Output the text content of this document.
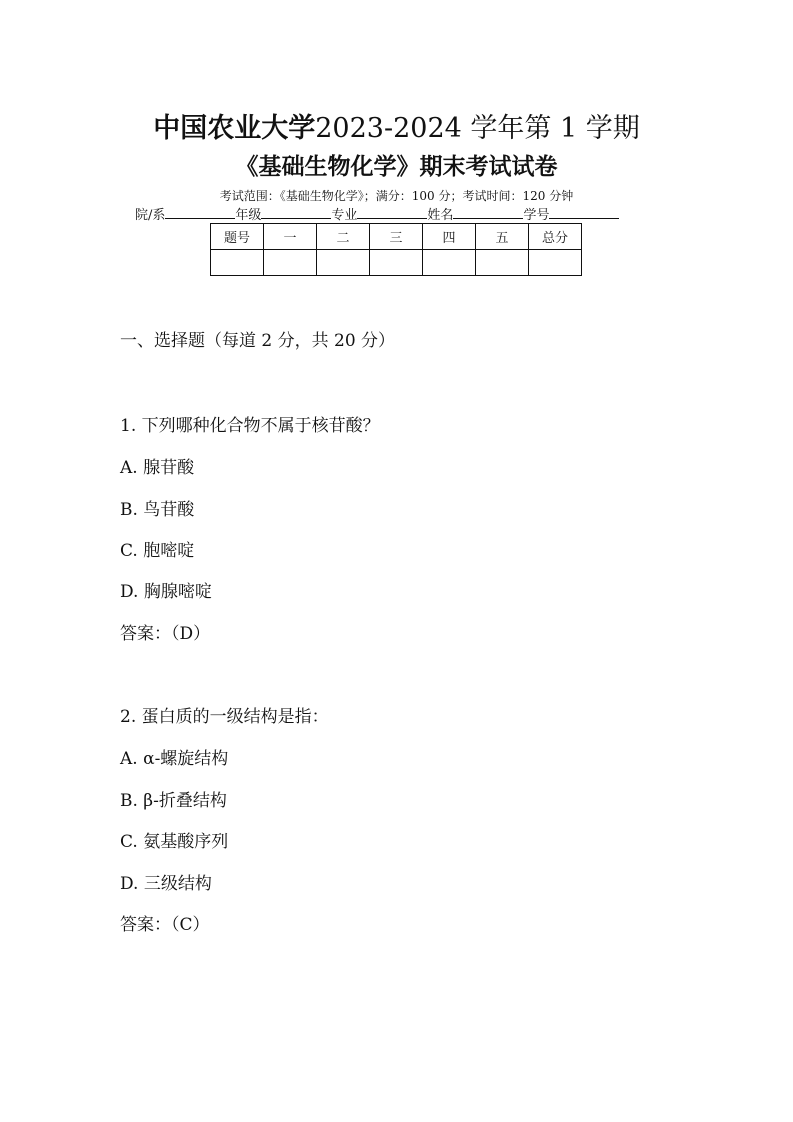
中国农业大学2023-2024 学年第 1 学期
《基础生物化学》期末考试试卷
考试范围：《基础生物化学》；满分：100 分；考试时间：120 分钟
院/系	年级	专业	姓名	学号
题号	一	二	三	四	五	总分

一、选择题（每道 2 分，共 20 分）
1. 下列哪种化合物不属于核苷酸？
A. 腺苷酸
B. 鸟苷酸
C. 胞嘧啶
D. 胸腺嘧啶
答案：（D）
2. 蛋白质的一级结构是指：
A. α-螺旋结构
B. β-折叠结构
C. 氨基酸序列
D. 三级结构
答案：（C）
